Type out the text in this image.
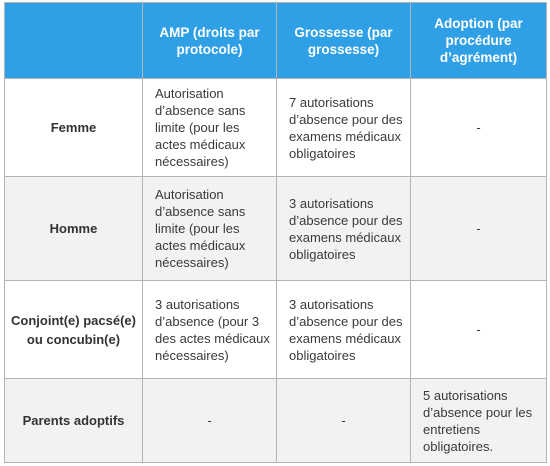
	AMP (droits par protocole)	Grossesse (par grossesse)	Adoption (par procédure d’agrément)
Femme	Autorisation d’absence sans limite (pour les actes médicaux nécessaires)	7 autorisations d’absence pour des examens médicaux obligatoires	-
Homme	Autorisation d’absence sans limite (pour les actes médicaux nécessaires)	3 autorisations d’absence pour des examens médicaux obligatoires	-
Conjoint(e) pacsé(e) ou concubin(e)	3 autorisations d’absence (pour 3 des actes médicaux nécessaires)	3 autorisations d’absence pour des examens médicaux obligatoires	-
Parents adoptifs	-	-	5 autorisations d’absence pour les entretiens obligatoires.
